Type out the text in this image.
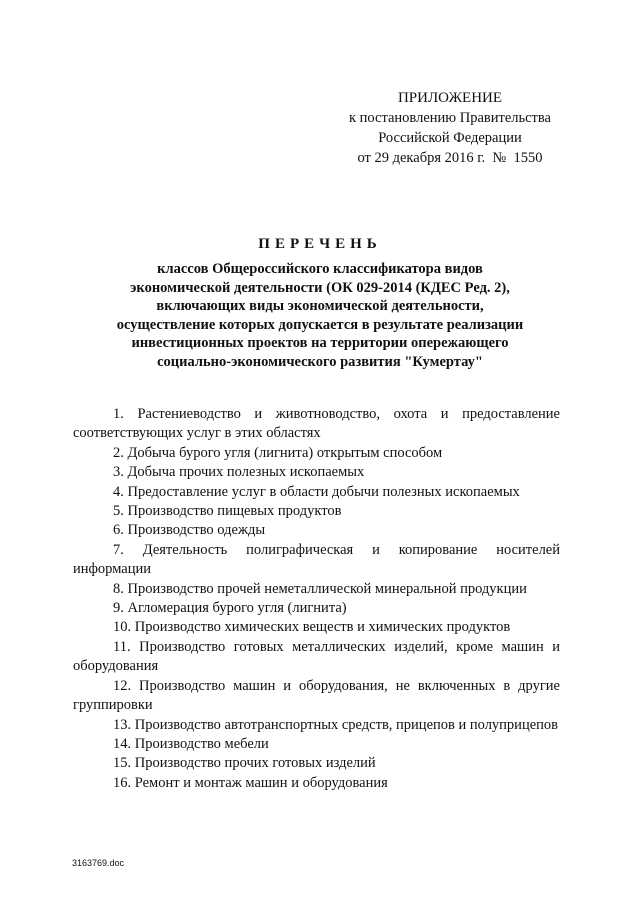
ПРИЛОЖЕНИЕ
к постановлению Правительства
Российской Федерации
от 29 декабря 2016 г.  №  1550
ПЕРЕЧЕНЬ
классов Общероссийского классификатора видов
экономической деятельности (ОК 029-2014 (КДЕС Ред. 2),
включающих виды экономической деятельности,
осуществление которых допускается в результате реализации
инвестиционных проектов на территории опережающего
социально-экономического развития "Кумертау"
1. Растениеводство и животноводство, охота и предоставление соответствующих услуг в этих областях
2. Добыча бурого угля (лигнита) открытым способом
3. Добыча прочих полезных ископаемых
4. Предоставление услуг в области добычи полезных ископаемых
5. Производство пищевых продуктов
6. Производство одежды
7. Деятельность полиграфическая и копирование носителей информации
8. Производство прочей неметаллической минеральной продукции
9. Агломерация бурого угля (лигнита)
10. Производство химических веществ и химических продуктов
11. Производство готовых металлических изделий, кроме машин и оборудования
12. Производство машин и оборудования, не включенных в другие группировки
13. Производство автотранспортных средств, прицепов и полуприцепов
14. Производство мебели
15. Производство прочих готовых изделий
16. Ремонт и монтаж машин и оборудования
3163769.doc
